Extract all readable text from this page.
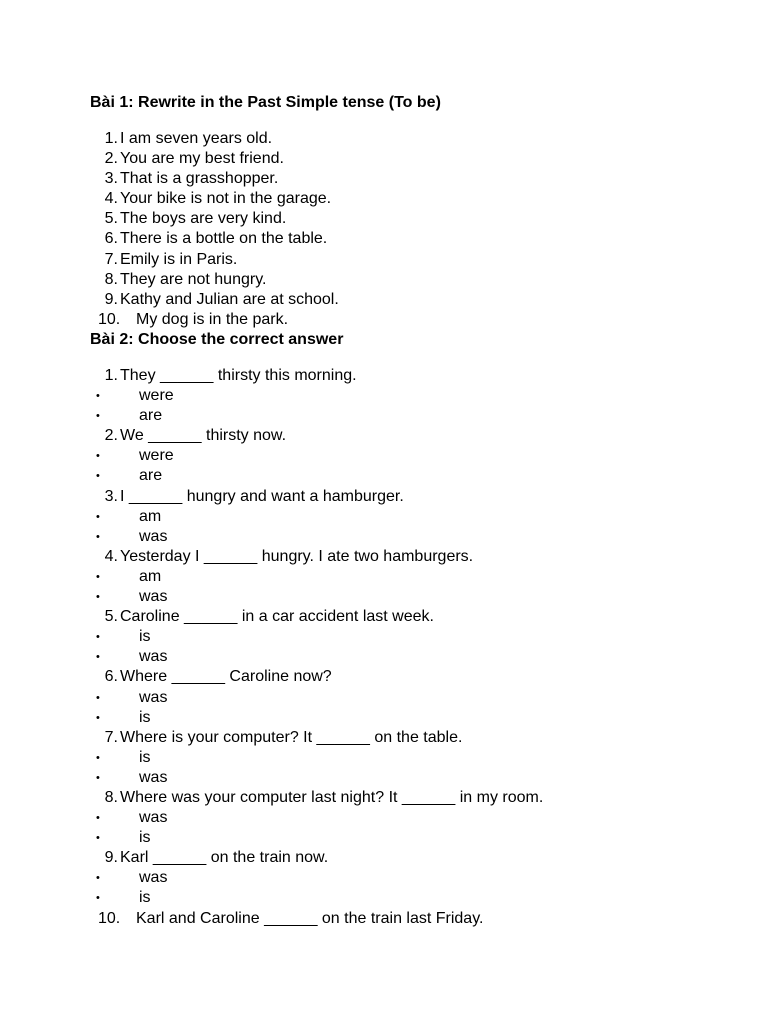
Bài 1: Rewrite in the Past Simple tense (To be)
1. I am seven years old.
2. You are my best friend.
3. That is a grasshopper.
4. Your bike is not in the garage.
5. The boys are very kind.
6. There is a bottle on the table.
7. Emily is in Paris.
8. They are not hungry.
9. Kathy and Julian are at school.
10. My dog is in the park.
Bài 2: Choose the correct answer
1. They ______ thirsty this morning.
• were
• are
2. We ______ thirsty now.
• were
• are
3. I ______ hungry and want a hamburger.
• am
• was
4. Yesterday I ______ hungry. I ate two hamburgers.
• am
• was
5. Caroline ______ in a car accident last week.
• is
• was
6. Where ______ Caroline now?
• was
• is
7. Where is your computer? It ______ on the table.
• is
• was
8. Where was your computer last night? It ______ in my room.
• was
• is
9. Karl ______ on the train now.
• was
• is
10. Karl and Caroline ______ on the train last Friday.
